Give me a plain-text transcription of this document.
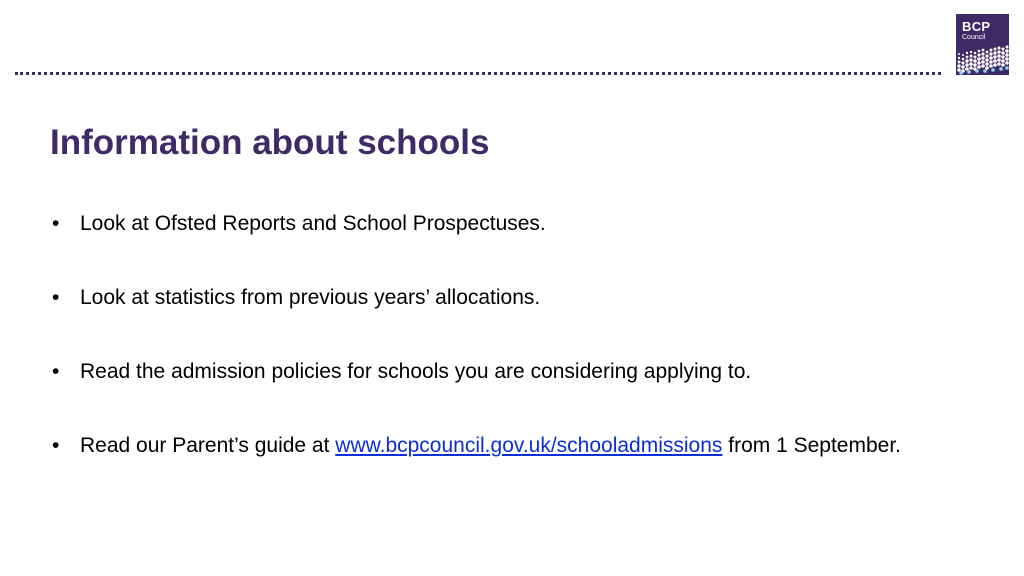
BCP
Council
Information about schools
• Look at Ofsted Reports and School Prospectuses.
• Look at statistics from previous years’ allocations.
• Read the admission policies for schools you are considering applying to.
• Read our Parent’s guide at www.bcpcouncil.gov.uk/schooladmissions from 1 September.
